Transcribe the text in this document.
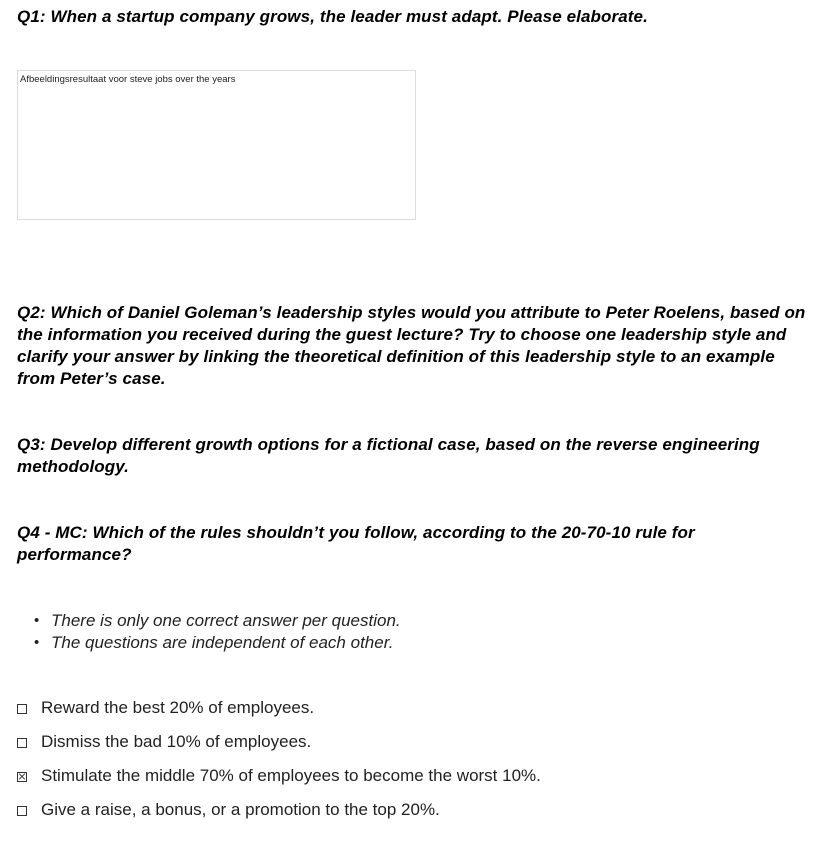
Q1: When a startup company grows, the leader must adapt. Please elaborate.

Afbeeldingsresultaat voor steve jobs over the years

Q2: Which of Daniel Goleman’s leadership styles would you attribute to Peter Roelens, based on the information you received during the guest lecture? Try to choose one leadership style and clarify your answer by linking the theoretical definition of this leadership style to an example from Peter’s case.

Q3: Develop different growth options for a fictional case, based on the reverse engineering methodology.

Q4 - MC: Which of the rules shouldn’t you follow, according to the 20-70-10 rule for performance?

• There is only one correct answer per question.
• The questions are independent of each other.
Reward the best 20% of employees.
Dismiss the bad 10% of employees.
Stimulate the middle 70% of employees to become the worst 10%.
Give a raise, a bonus, or a promotion to the top 20%.
